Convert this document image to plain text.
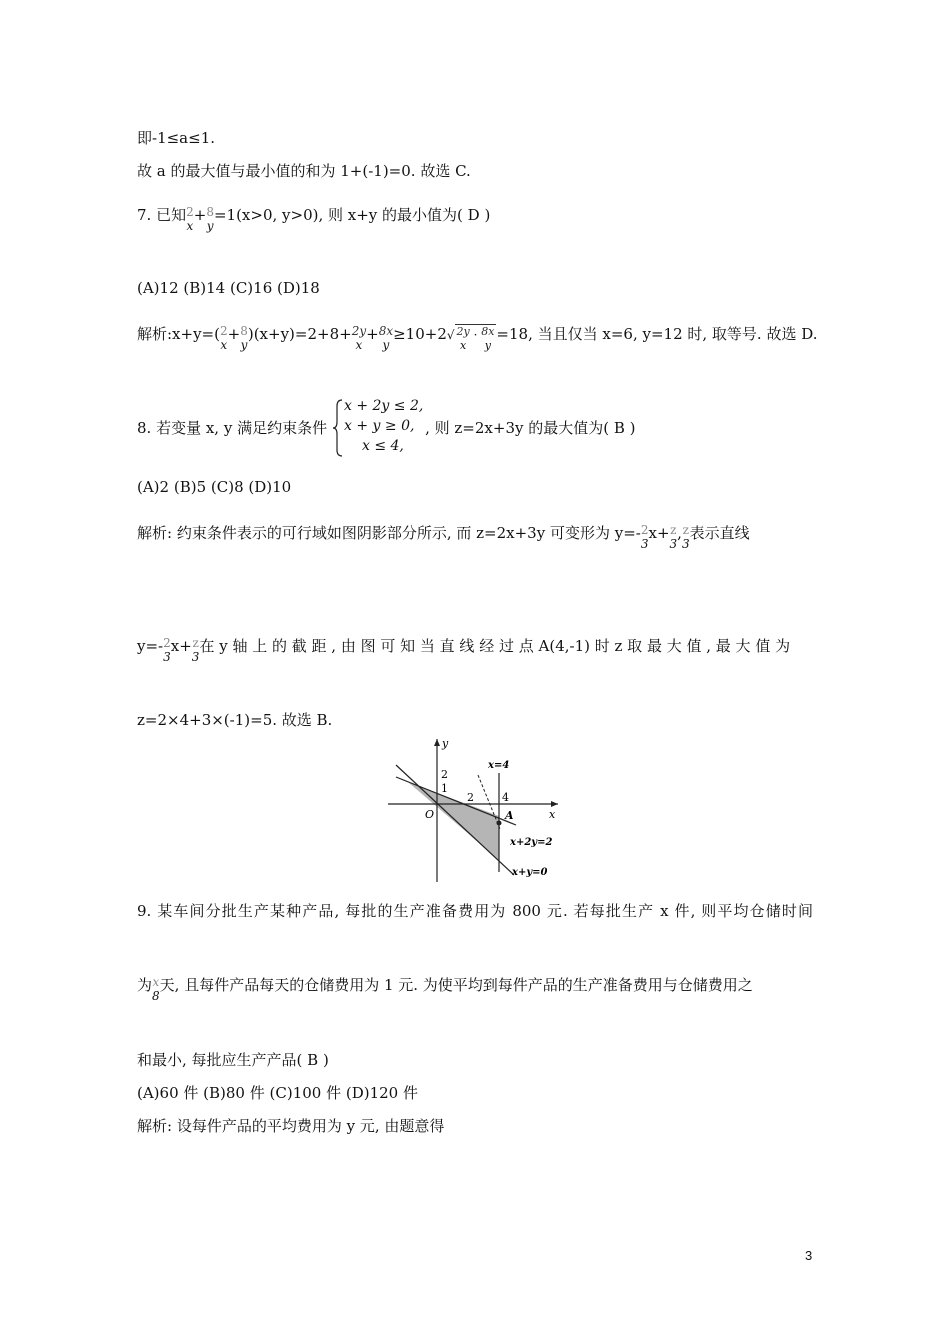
即-1≤a≤1.
故 a 的最大值与最小值的和为 1+(-1)=0. 故选 C.
7. 已知 2
x
+ 8
y
=1(x>0, y>0), 则 x+y 的最小值为( D )
(A)12 (B)14 (C)16 (D)18
解析:x+y=( 2
x
+ 8
y
)(x+y)=2+8+ 2y
x
+ 8x
y
≥10+2√ 2y
x
· 8x
y
=18, 当且仅当 x=6, y=12 时, 取等号. 故选 D.
8. 若变量 x, y 满足约束条件	, 则 z=2x+3y 的最大值为( B )
x + 2y ≤ 2,
x + y ≥ 0,
x ≤ 4,
(A)2 (B)5 (C)8 (D)10
解析: 约束条件表示的可行域如图阴影部分所示, 而 z=2x+3y 可变形为 y=- 2
3
x+ z
3
, z
3
表示直线
y=- 2
3
x+ z
3
在 y 轴 上 的 截 距 , 由 图 可 知 当 直 线 经 过 点 A(4,-1) 时 z 取 最 大 值 , 最 大 值 为
z=2×4+3×(-1)=5. 故选 B.
y
x
O
2
1
2	4
x=4
A
x+2y=2
x+y=0
9. 某车间分批生产某种产品, 每批的生产准备费用为 800 元. 若每批生产 x 件, 则平均仓储时间
为 x
8
天, 且每件产品每天的仓储费用为 1 元. 为使平均到每件产品的生产准备费用与仓储费用之
和最小, 每批应生产产品( B )
(A)60 件 (B)80 件 (C)100 件 (D)120 件
解析: 设每件产品的平均费用为 y 元, 由题意得
3
